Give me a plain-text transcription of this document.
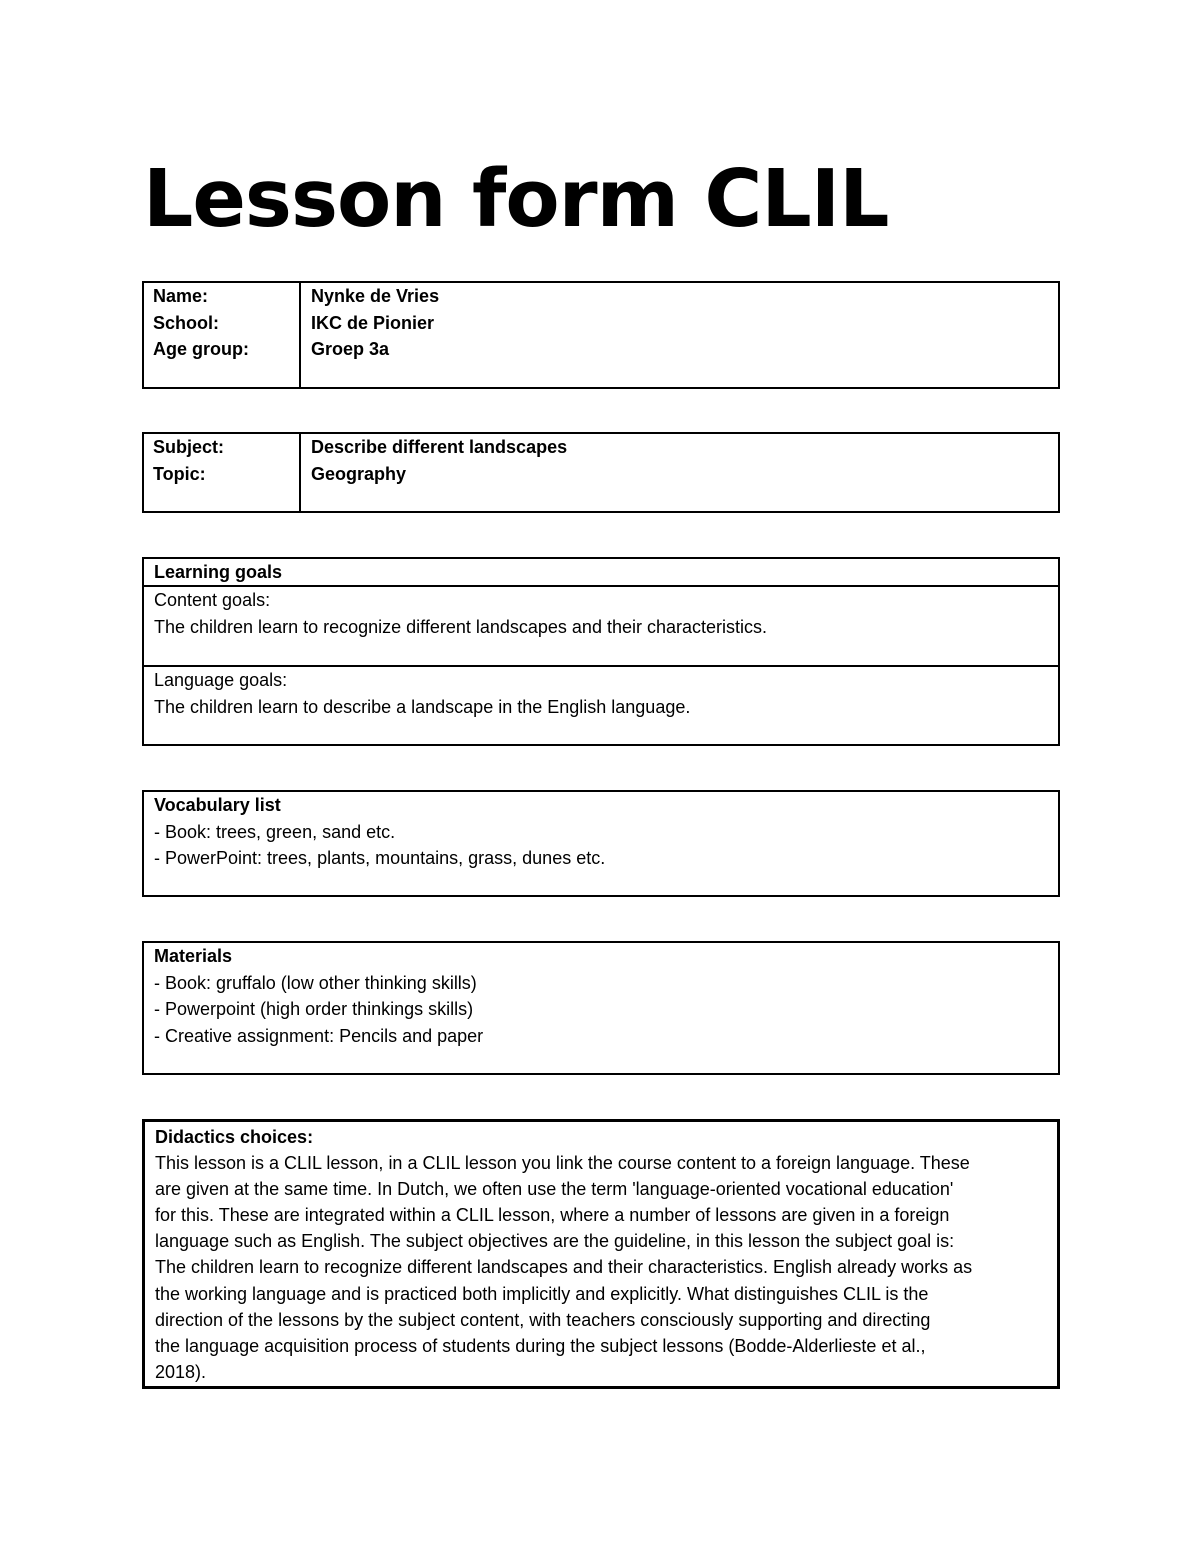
Lesson form CLIL
Name:
School:
Age group:
Nynke de Vries
IKC de Pionier
Groep 3a
Subject:
Topic:
Describe different landscapes
Geography
Learning goals
Content goals:
The children learn to recognize different landscapes and their characteristics.
Language goals:
The children learn to describe a landscape in the English language.
Vocabulary list
- Book: trees, green, sand etc.
- PowerPoint: trees, plants, mountains, grass, dunes etc.
Materials
- Book: gruffalo (low other thinking skills)
- Powerpoint (high order thinkings skills)
- Creative assignment: Pencils and paper
Didactics choices:
This lesson is a CLIL lesson, in a CLIL lesson you link the course content to a foreign language. These
are given at the same time. In Dutch, we often use the term 'language-oriented vocational education'
for this. These are integrated within a CLIL lesson, where a number of lessons are given in a foreign
language such as English. The subject objectives are the guideline, in this lesson the subject goal is:
The children learn to recognize different landscapes and their characteristics. English already works as
the working language and is practiced both implicitly and explicitly. What distinguishes CLIL is the
direction of the lessons by the subject content, with teachers consciously supporting and directing
the language acquisition process of students during the subject lessons (Bodde-Alderlieste et al.,
2018).
